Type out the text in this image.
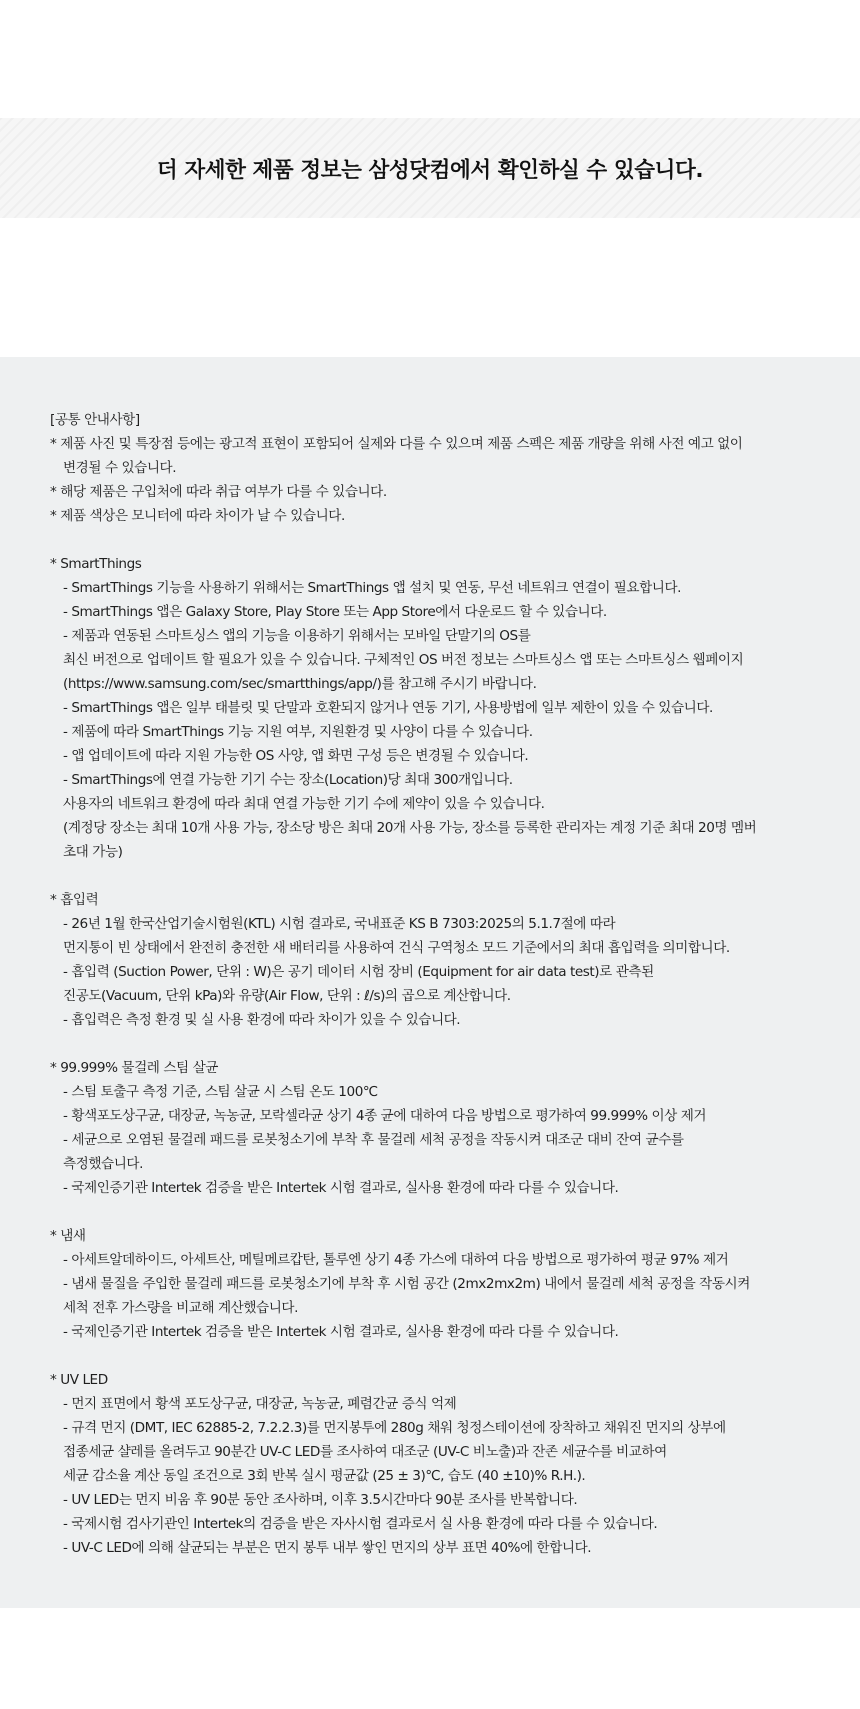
더 자세한 제품 정보는 삼성닷컴에서 확인하실 수 있습니다.
[공통 안내사항]
* 제품 사진 및 특장점 등에는 광고적 표현이 포함되어 실제와 다를 수 있으며 제품 스펙은 제품 개량을 위해 사전 예고 없이
변경될 수 있습니다.
* 해당 제품은 구입처에 따라 취급 여부가 다를 수 있습니다.
* 제품 색상은 모니터에 따라 차이가 날 수 있습니다.
* SmartThings
- SmartThings 기능을 사용하기 위해서는 SmartThings 앱 설치 및 연동, 무선 네트워크 연결이 필요합니다.
- SmartThings 앱은 Galaxy Store, Play Store 또는 App Store에서 다운로드 할 수 있습니다.
- 제품과 연동된 스마트싱스 앱의 기능을 이용하기 위해서는 모바일 단말기의 OS를
최신 버전으로 업데이트 할 필요가 있을 수 있습니다. 구체적인 OS 버전 정보는 스마트싱스 앱 또는 스마트싱스 웹페이지
(https://www.samsung.com/sec/smartthings/app/)를 참고해 주시기 바랍니다.
- SmartThings 앱은 일부 태블릿 및 단말과 호환되지 않거나 연동 기기, 사용방법에 일부 제한이 있을 수 있습니다.
- 제품에 따라 SmartThings 기능 지원 여부, 지원환경 및 사양이 다를 수 있습니다.
- 앱 업데이트에 따라 지원 가능한 OS 사양, 앱 화면 구성 등은 변경될 수 있습니다.
- SmartThings에 연결 가능한 기기 수는 장소(Location)당 최대 300개입니다.
사용자의 네트워크 환경에 따라 최대 연결 가능한 기기 수에 제약이 있을 수 있습니다.
(계정당 장소는 최대 10개 사용 가능, 장소당 방은 최대 20개 사용 가능, 장소를 등록한 관리자는 계정 기준 최대 20명 멤버
초대 가능)
* 흡입력
- 26년 1월 한국산업기술시험원(KTL) 시험 결과로, 국내표준 KS B 7303:2025의 5.1.7절에 따라
먼지통이 빈 상태에서 완전히 충전한 새 배터리를 사용하여 건식 구역청소 모드 기준에서의 최대 흡입력을 의미합니다.
- 흡입력 (Suction Power, 단위 : W)은 공기 데이터 시험 장비 (Equipment for air data test)로 관측된
진공도(Vacuum, 단위 kPa)와 유량(Air Flow, 단위 : ℓ/s)의 곱으로 계산합니다.
- 흡입력은 측정 환경 및 실 사용 환경에 따라 차이가 있을 수 있습니다.
* 99.999% 물걸레 스팀 살균
- 스팀 토출구 측정 기준, 스팀 살균 시 스팀 온도 100℃
- 황색포도상구균, 대장균, 녹농균, 모락셀라균 상기 4종 균에 대하여 다음 방법으로 평가하여 99.999% 이상 제거
- 세균으로 오염된 물걸레 패드를 로봇청소기에 부착 후 물걸레 세척 공정을 작동시켜 대조군 대비 잔여 균수를
측정했습니다.
- 국제인증기관 Intertek 검증을 받은 Intertek 시험 결과로, 실사용 환경에 따라 다를 수 있습니다.
* 냄새
- 아세트알데하이드, 아세트산, 메틸메르캅탄, 톨루엔 상기 4종 가스에 대하여 다음 방법으로 평가하여 평균 97% 제거
- 냄새 물질을 주입한 물걸레 패드를 로봇청소기에 부착 후 시험 공간 (2mx2mx2m) 내에서 물걸레 세척 공정을 작동시켜
세척 전후 가스량을 비교해 계산했습니다.
- 국제인증기관 Intertek 검증을 받은 Intertek 시험 결과로, 실사용 환경에 따라 다를 수 있습니다.
* UV LED
- 먼지 표면에서 황색 포도상구균, 대장균, 녹농균, 폐렴간균 증식 억제
- 규격 먼지 (DMT, IEC 62885-2, 7.2.2.3)를 먼지봉투에 280g 채워 청정스테이션에 장착하고 채워진 먼지의 상부에
접종세균 샬레를 올려두고 90분간 UV-C LED를 조사하여 대조군 (UV-C 비노출)과 잔존 세균수를 비교하여
세균 감소율 계산 동일 조건으로 3회 반복 실시 평균값 (25 ± 3)℃, 습도 (40 ±10)% R.H.).
- UV LED는 먼지 비움 후 90분 동안 조사하며, 이후 3.5시간마다 90분 조사를 반복합니다.
- 국제시험 검사기관인 Intertek의 검증을 받은 자사시험 결과로서 실 사용 환경에 따라 다를 수 있습니다.
- UV-C LED에 의해 살균되는 부분은 먼지 봉투 내부 쌓인 먼지의 상부 표면 40%에 한합니다.
